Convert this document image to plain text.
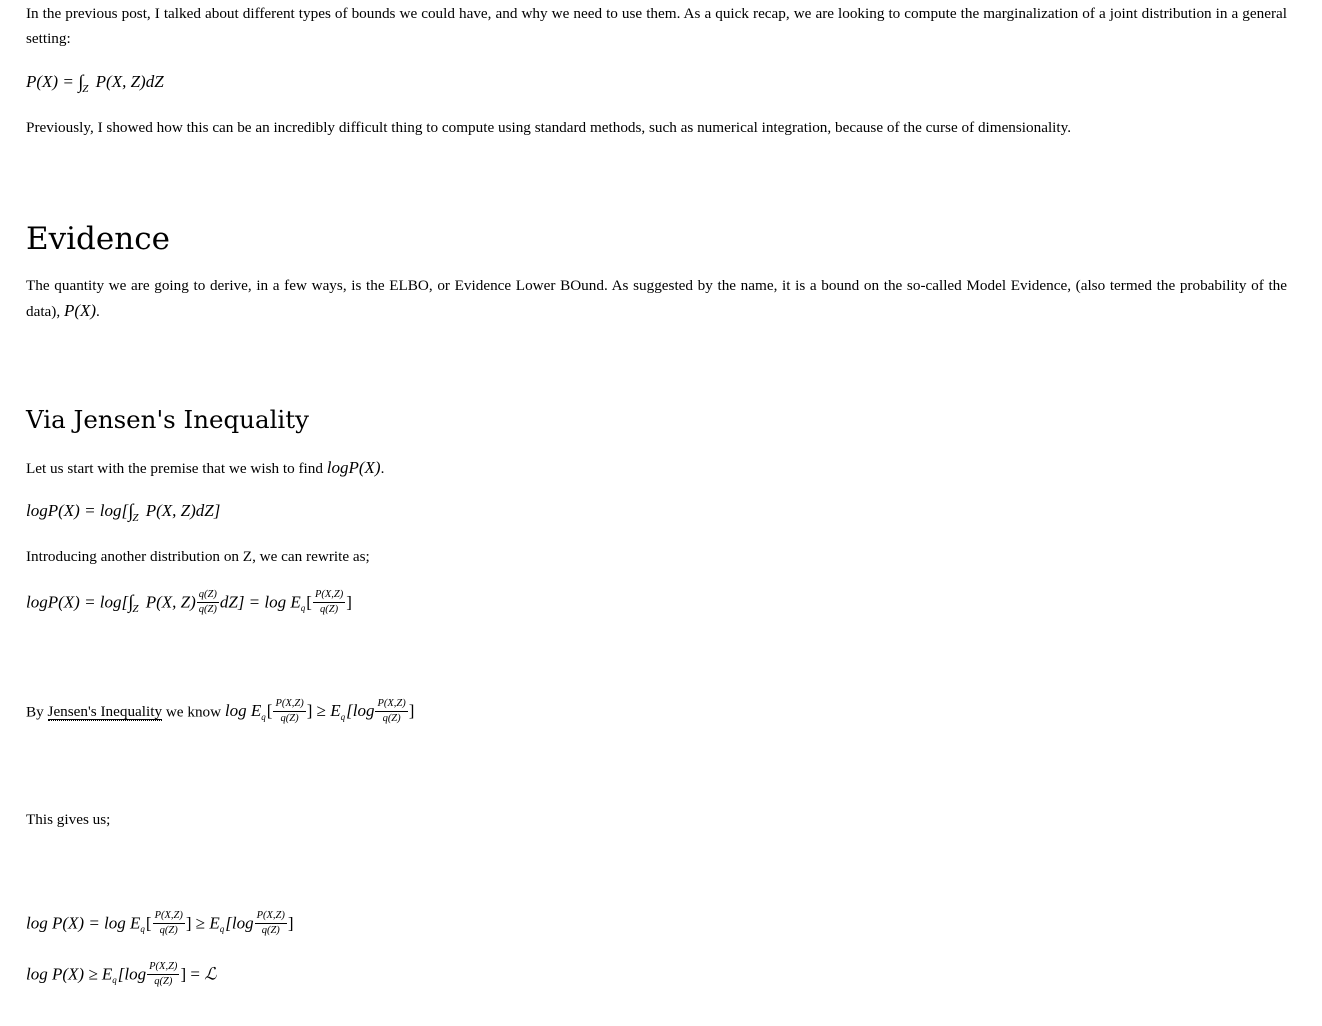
In the previous post, I talked about different types of bounds we could have, and why we need to use them. As a quick recap, we are looking to compute the marginalization of a joint distribution in a general setting:

$P(X) = \int_Z$ P(X, Z)dZ

Previously, I showed how this can be an incredibly difficult thing to compute using standard methods, such as numerical integration, because of the curse of dimensionality.

Evidence

The quantity we are going to derive, in a few ways, is the ELBO, or Evidence Lower BOund. As suggested by the name, it is a bound on the so-called Model Evidence, (also termed the probability of the data), P(X).

Via Jensen's Inequality

Let us start with the premise that we wish to find logP(X).

$\log P(X) = \log[\int_Z$ P(X, Z)dZ]

Introducing another distribution on Z, we can rewrite as;

$\log P(X) = \log[\int_Z$ P(X, $Z) \frac{q(Z)}{q(Z)} dZ] = \log E_q[ \frac{P(X,Z)}{q(Z)}$ ]
By Jensen's Inequality we know $\log E_q[ \frac{P(X,Z)}{q(Z)}$ ] ≥ $E_q[\log \frac{P(X,Z)}{q(Z)}$ ]

This gives us;

$\log P(X) = \log E_q[ \frac{P(X,Z)}{q(Z)}$ ] ≥ $E_q[\log \frac{P(X,Z)}{q(Z)}$ ]
$\log P(X) \ge E_q[\log \frac{P(X,Z)}{q(Z)}$ ] = ℒ
